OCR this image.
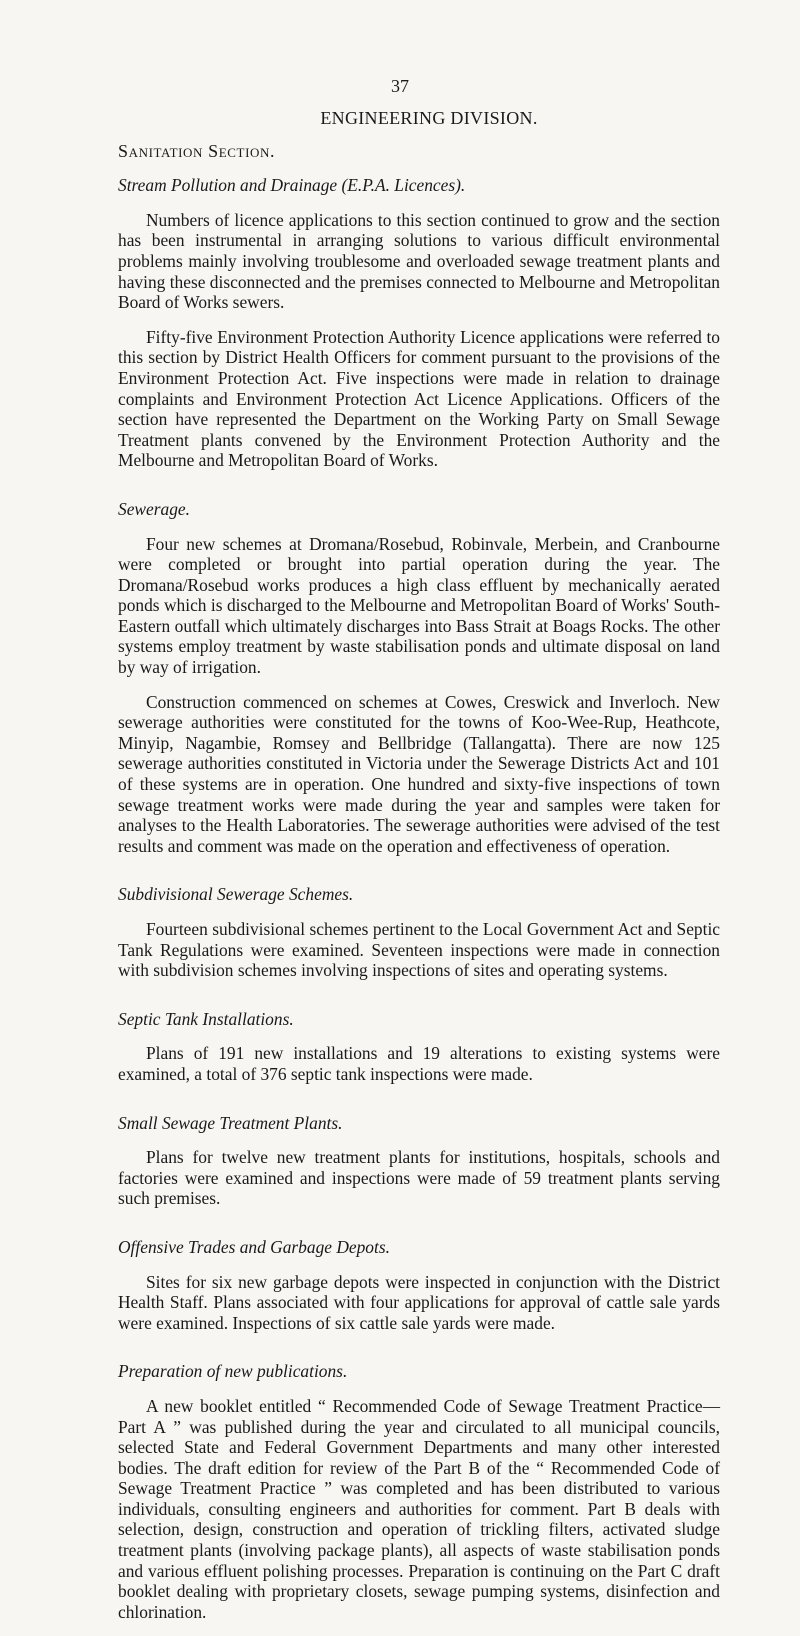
37
ENGINEERING DIVISION.
Sanitation Section.
Stream Pollution and Drainage (E.P.A. Licences).

Numbers of licence applications to this section continued to grow and the section has been instrumental in arranging solutions to various difficult environmental problems mainly involving troublesome and overloaded sewage treatment plants and having these disconnected and the premises connected to Melbourne and Metropolitan Board of Works sewers.

Fifty-five Environment Protection Authority Licence applications were referred to this section by District Health Officers for comment pursuant to the provisions of the Environment Protection Act. Five inspections were made in relation to drainage complaints and Environment Protection Act Licence Applications. Officers of the section have represented the Department on the Working Party on Small Sewage Treatment plants convened by the Environment Protection Authority and the Melbourne and Metropolitan Board of Works.

Sewerage.

Four new schemes at Dromana/Rosebud, Robinvale, Merbein, and Cranbourne were completed or brought into partial operation during the year. The Dromana/Rosebud works produces a high class effluent by mechanically aerated ponds which is discharged to the Melbourne and Metropolitan Board of Works' South-Eastern outfall which ultimately discharges into Bass Strait at Boags Rocks. The other systems employ treatment by waste stabilisation ponds and ultimate disposal on land by way of irrigation.

Construction commenced on schemes at Cowes, Creswick and Inverloch. New sewerage authorities were constituted for the towns of Koo-Wee-Rup, Heathcote, Minyip, Nagambie, Romsey and Bellbridge (Tallangatta). There are now 125 sewerage authorities constituted in Victoria under the Sewerage Districts Act and 101 of these systems are in operation. One hundred and sixty-five inspections of town sewage treatment works were made during the year and samples were taken for analyses to the Health Laboratories. The sewerage authorities were advised of the test results and comment was made on the operation and effectiveness of operation.

Subdivisional Sewerage Schemes.

Fourteen subdivisional schemes pertinent to the Local Government Act and Septic Tank Regulations were examined. Seventeen inspections were made in connection with subdivision schemes involving inspections of sites and operating systems.

Septic Tank Installations.

Plans of 191 new installations and 19 alterations to existing systems were examined, a total of 376 septic tank inspections were made.

Small Sewage Treatment Plants.

Plans for twelve new treatment plants for institutions, hospitals, schools and factories were examined and inspections were made of 59 treatment plants serving such premises.

Offensive Trades and Garbage Depots.

Sites for six new garbage depots were inspected in conjunction with the District Health Staff. Plans associated with four applications for approval of cattle sale yards were examined. Inspections of six cattle sale yards were made.

Preparation of new publications.

A new booklet entitled “ Recommended Code of Sewage Treatment Practice—Part A ” was published during the year and circulated to all municipal councils, selected State and Federal Government Departments and many other interested bodies. The draft edition for review of the Part B of the “ Recommended Code of Sewage Treatment Practice ” was completed and has been distributed to various individuals, consulting engineers and authorities for comment. Part B deals with selection, design, construction and operation of trickling filters, activated sludge treatment plants (involving package plants), all aspects of waste stabilisation ponds and various effluent polishing processes. Preparation is continuing on the Part C draft booklet dealing with proprietary closets, sewage pumping systems, disinfection and chlorination.
